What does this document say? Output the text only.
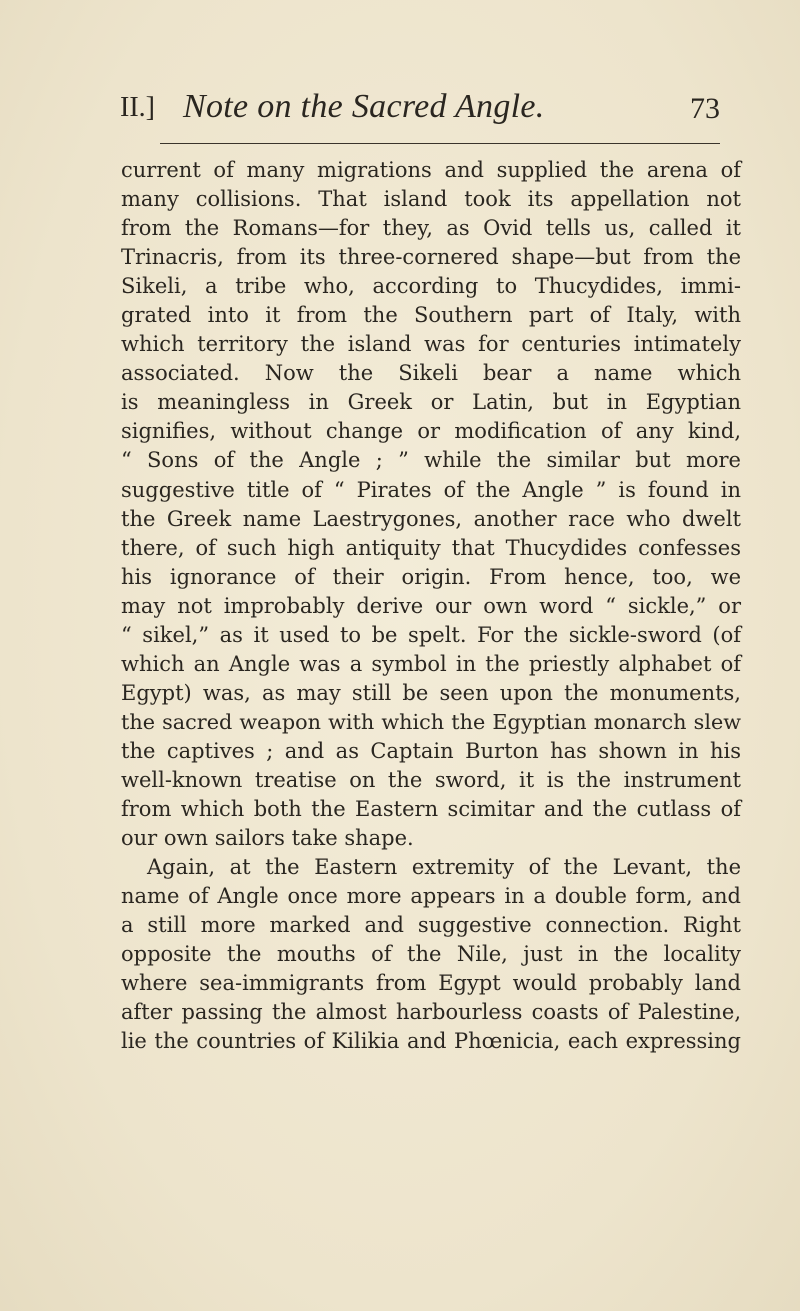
II.] Note on the Sacred Angle.	73
current of many migrations and supplied the arena of
many collisions. That island took its appellation not
from the Romans—for they, as Ovid tells us, called it
Trinacris, from its three-cornered shape—but from the
Sikeli, a tribe who, according to Thucydides, immi-
grated into it from the Southern part of Italy, with
which territory the island was for centuries intimately
associated. Now the Sikeli bear a name which
is meaningless in Greek or Latin, but in Egyptian
signifies, without change or modification of any kind,
“ Sons of the Angle ; ” while the similar but more
suggestive title of “ Pirates of the Angle ” is found in
the Greek name Laestrygones, another race who dwelt
there, of such high antiquity that Thucydides confesses
his ignorance of their origin. From hence, too, we
may not improbably derive our own word “ sickle,” or
“ sikel,” as it used to be spelt. For the sickle-sword (of
which an Angle was a symbol in the priestly alphabet of
Egypt) was, as may still be seen upon the monuments,
the sacred weapon with which the Egyptian monarch slew
the captives ; and as Captain Burton has shown in his
well-known treatise on the sword, it is the instrument
from which both the Eastern scimitar and the cutlass of
our own sailors take shape.
Again, at the Eastern extremity of the Levant, the
name of Angle once more appears in a double form, and
a still more marked and suggestive connection. Right
opposite the mouths of the Nile, just in the locality
where sea-immigrants from Egypt would probably land
after passing the almost harbourless coasts of Palestine,
lie the countries of Kilikia and Phœnicia, each expressing
